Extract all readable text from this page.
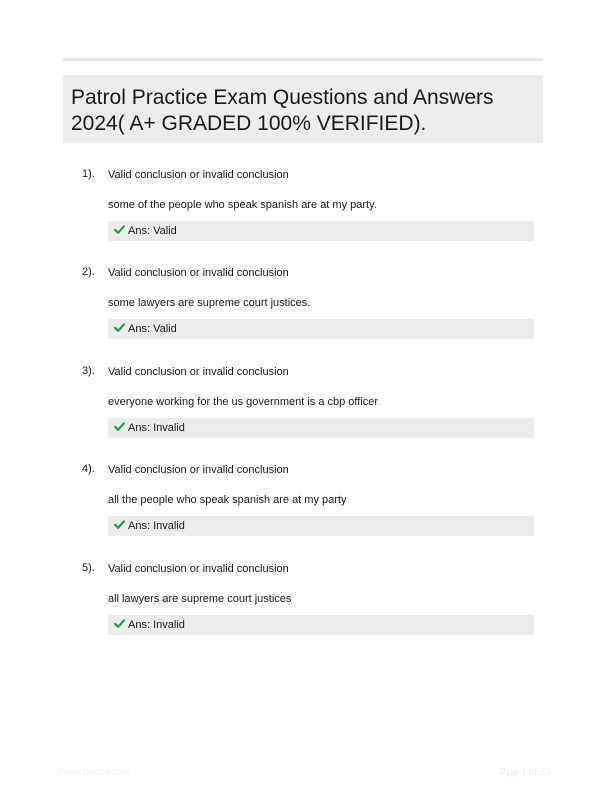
Patrol Practice Exam Questions and Answers 2024( A+ GRADED 100% VERIFIED).
1). Valid conclusion or invalid conclusion
some of the people who speak spanish are at my party.
Ans: Valid
2). Valid conclusion or invalid conclusion
some lawyers are supreme court justices.
Ans: Valid
3). Valid conclusion or invalid conclusion
everyone working for the us government is a cbp officer
Ans: Invalid
4). Valid conclusion or invalid conclusion
all the people who speak spanish are at my party
Ans: Invalid
5). Valid conclusion or invalid conclusion
all lawyers are supreme court justices
Ans: Invalid
Paperstudies.com	Page 1 of 23
